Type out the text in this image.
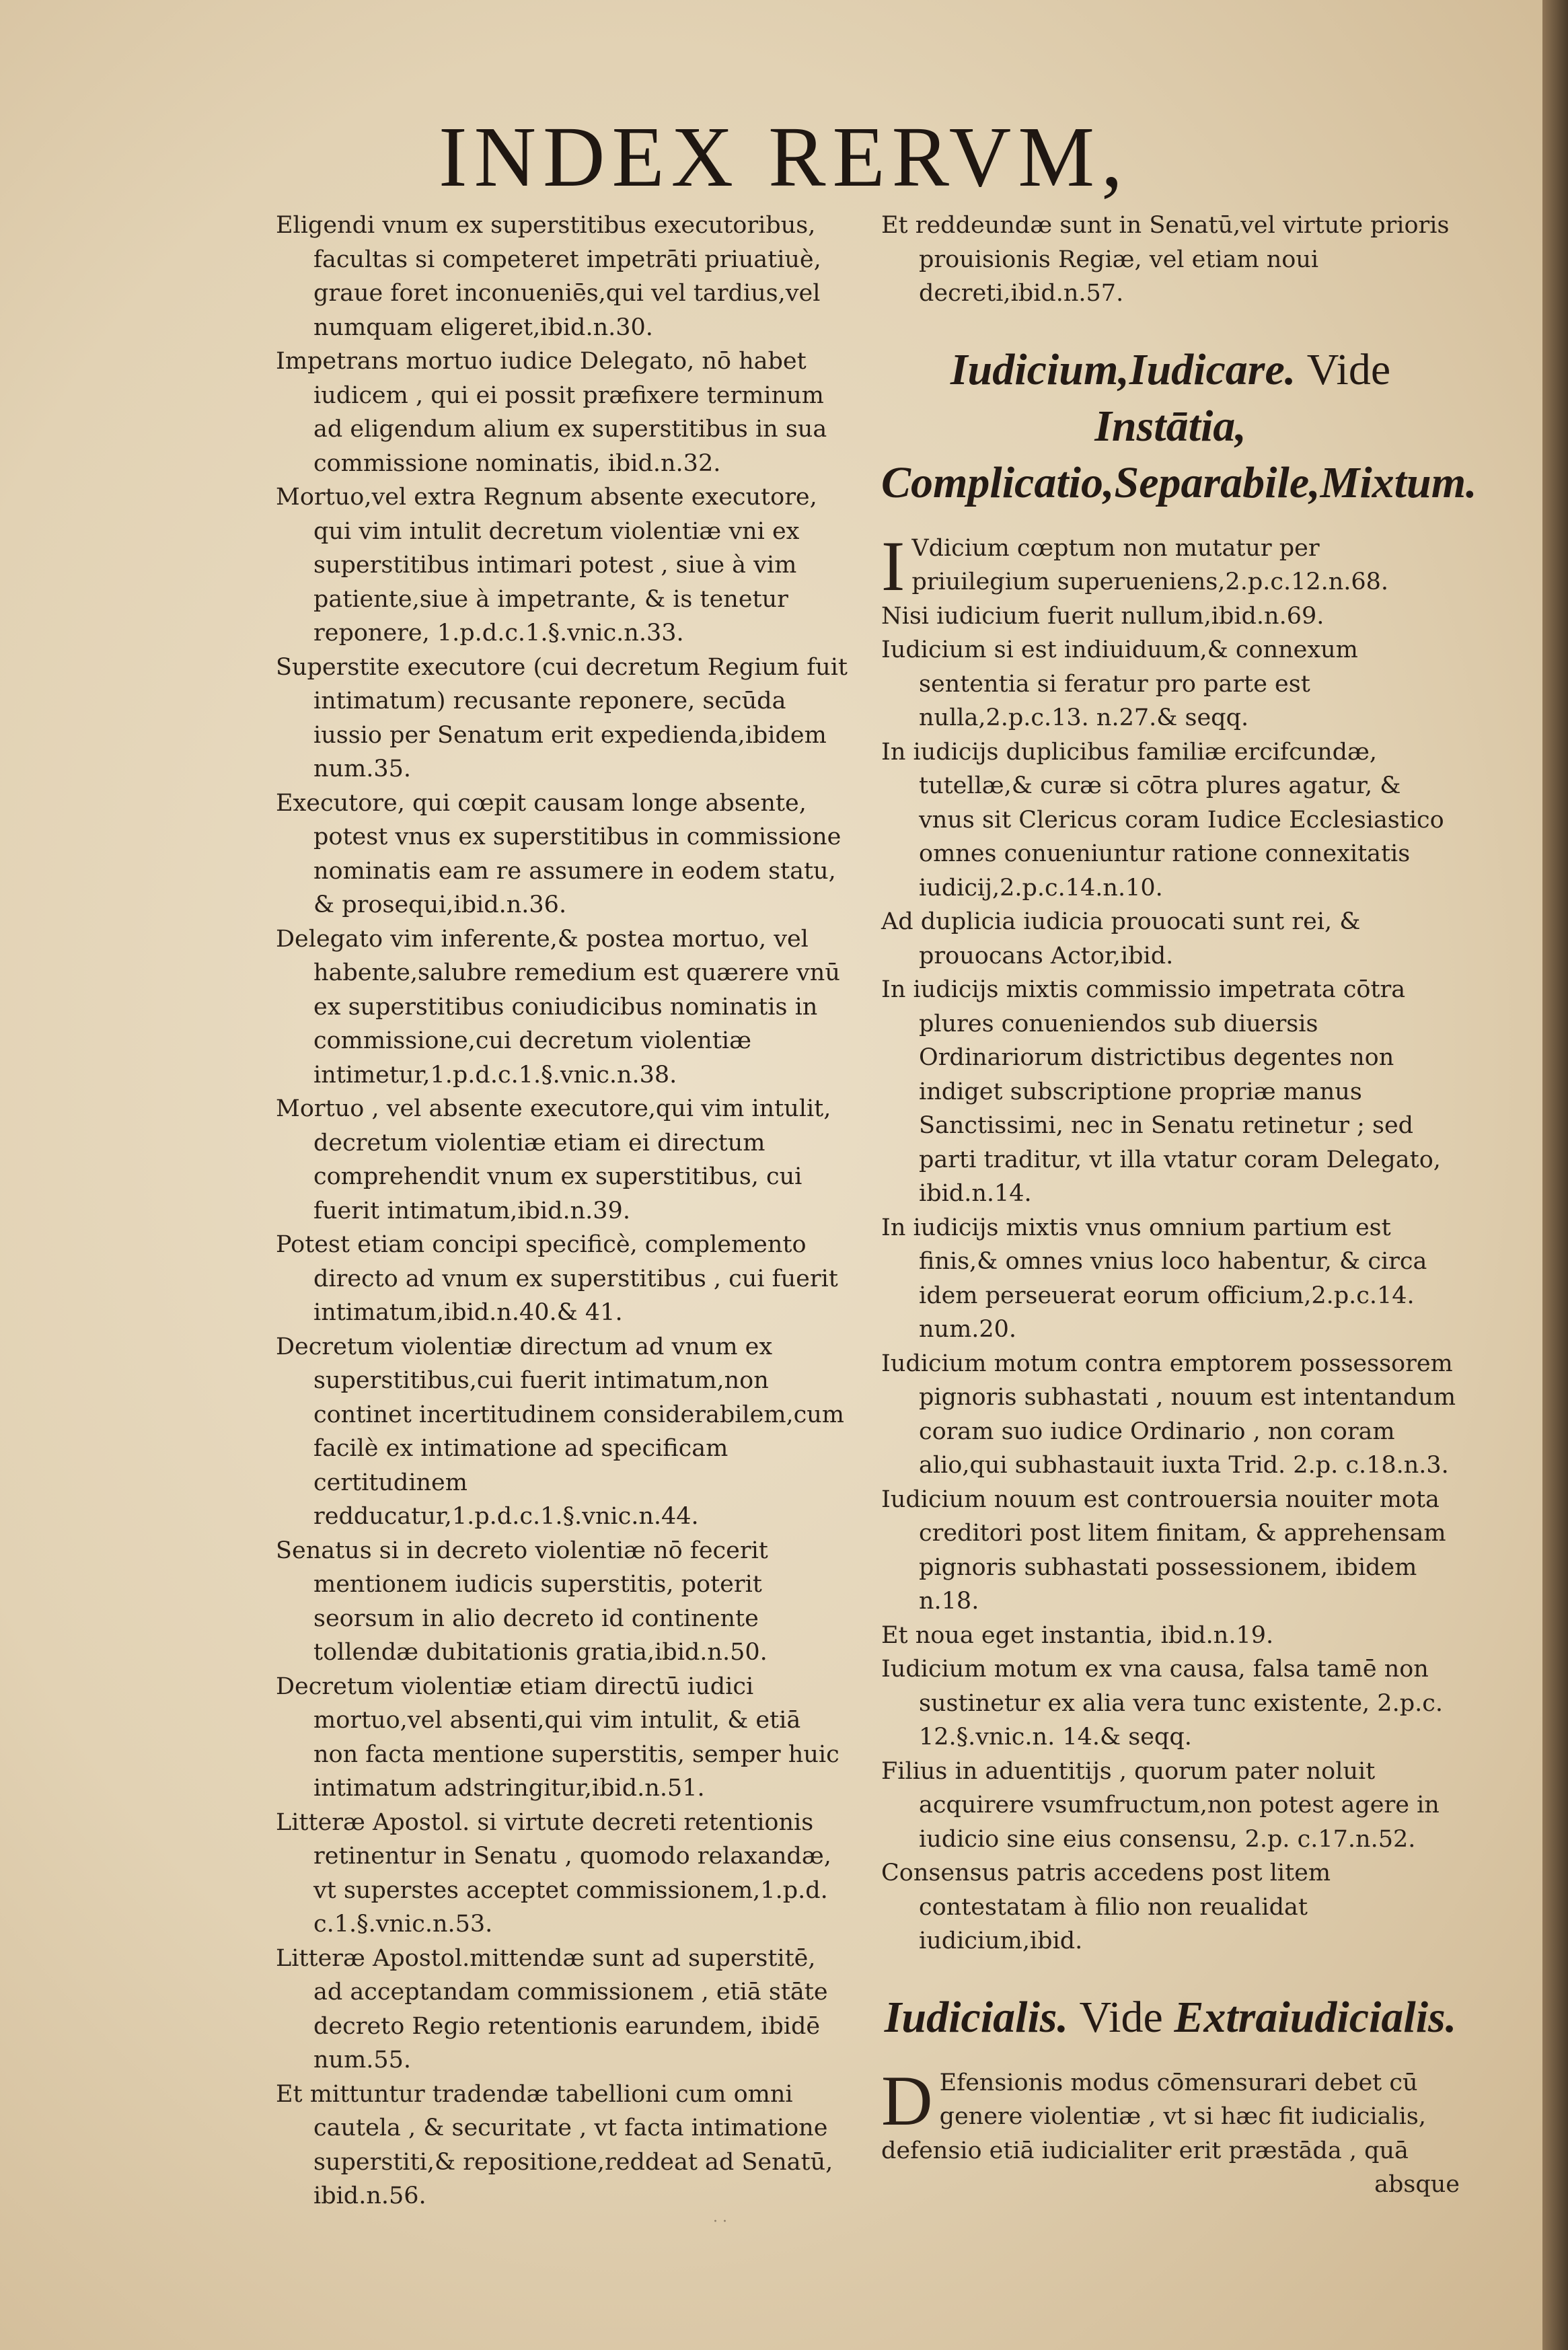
INDEX RERVM,

Eligendi vnum ex superstitibus executoribus, facultas si competeret impetrāti priuatiuè, graue foret inconueniēs,qui vel tardius,vel numquam eligeret,ibid.n.30.

Impetrans mortuo iudice Delegato, nō habet iudicem , qui ei possit præfixere terminum ad eligendum alium ex superstitibus in sua commissione nominatis, ibid.n.32.

Mortuo,vel extra Regnum absente executore, qui vim intulit decretum violentiæ vni ex superstitibus intimari potest , siue à vim patiente,siue à impetrante, & is tenetur reponere, 1.p.d.c.1.§.vnic.n.33.

Superstite executore (cui decretum Regium fuit intimatum) recusante reponere, secūda iussio per Senatum erit expedienda,ibidem num.35.

Executore, qui cœpit causam longe absente, potest vnus ex superstitibus in commissione nominatis eam re assumere in eodem statu, & prosequi,ibid.n.36.

Delegato vim inferente,& postea mortuo, vel habente,salubre remedium est quærere vnū ex superstitibus coniudicibus nominatis in commissione,cui decretum violentiæ intimetur,1.p.d.c.1.§.vnic.n.38.

Mortuo , vel absente executore,qui vim intulit, decretum violentiæ etiam ei directum comprehendit vnum ex superstitibus, cui fuerit intimatum,ibid.n.39.

Potest etiam concipi specificè, complemento directo ad vnum ex superstitibus , cui fuerit intimatum,ibid.n.40.& 41.

Decretum violentiæ directum ad vnum ex superstitibus,cui fuerit intimatum,non continet incertitudinem considerabilem,cum facilè ex intimatione ad specificam certitudinem redducatur,1.p.d.c.1.§.vnic.n.44.

Senatus si in decreto violentiæ nō fecerit mentionem iudicis superstitis, poterit seorsum in alio decreto id continente tollendæ dubitationis gratia,ibid.n.50.

Decretum violentiæ etiam directū iudici mortuo,vel absenti,qui vim intulit, & etiā non facta mentione superstitis, semper huic intimatum adstringitur,ibid.n.51.

Litteræ Apostol. si virtute decreti retentionis retinentur in Senatu , quomodo relaxandæ, vt superstes acceptet commissionem,1.p.d. c.1.§.vnic.n.53.

Litteræ Apostol.mittendæ sunt ad superstitē, ad acceptandam commissionem , etiā stāte decreto Regio retentionis earundem, ibidē num.55.

Et mittuntur tradendæ tabellioni cum omni cautela , & securitate , vt facta intimatione superstiti,& repositione,reddeat ad Senatū, ibid.n.56.

Et reddeundæ sunt in Senatū,vel virtute prioris prouisionis Regiæ, vel etiam noui decreti,ibid.n.57.

Iudicium,Iudicare. Vide Instātia, Complicatio,Separabile,Mixtum.

I Vdicium cœptum non mutatur per priuilegium superueniens,2.p.c.12.n.68.

Nisi iudicium fuerit nullum,ibid.n.69.

Iudicium si est indiuiduum,& connexum sententia si feratur pro parte est nulla,2.p.c.13. n.27.& seqq.

In iudicijs duplicibus familiæ ercifcundæ, tutellæ,& curæ si cōtra plures agatur, & vnus sit Clericus coram Iudice Ecclesiastico omnes conueniuntur ratione connexitatis iudicij,2.p.c.14.n.10.

Ad duplicia iudicia prouocati sunt rei, & prouocans Actor,ibid.

In iudicijs mixtis commissio impetrata cōtra plures conueniendos sub diuersis Ordinariorum districtibus degentes non indiget subscriptione propriæ manus Sanctissimi, nec in Senatu retinetur ; sed parti traditur, vt illa vtatur coram Delegato, ibid.n.14.

In iudicijs mixtis vnus omnium partium est finis,& omnes vnius loco habentur, & circa idem perseuerat eorum officium,2.p.c.14. num.20.

Iudicium motum contra emptorem possessorem pignoris subhastati , nouum est intentandum coram suo iudice Ordinario , non coram alio,qui subhastauit iuxta Trid. 2.p. c.18.n.3.

Iudicium nouum est controuersia nouiter mota creditori post litem finitam, & apprehensam pignoris subhastati possessionem, ibidem n.18.

Et noua eget instantia, ibid.n.19.

Iudicium motum ex vna causa, falsa tamē non sustinetur ex alia vera tunc existente, 2.p.c. 12.§.vnic.n. 14.& seqq.

Filius in aduentitijs , quorum pater noluit acquirere vsumfructum,non potest agere in iudicio sine eius consensu, 2.p. c.17.n.52.

Consensus patris accedens post litem contestatam à filio non reualidat iudicium,ibid.

Iudicialis. Vide Extraiudicialis.

D Efensionis modus cōmensurari debet cū genere violentiæ , vt si hæc fit iudicialis, defensio etiā iudicialiter erit præstāda , quā

absque

· ·
